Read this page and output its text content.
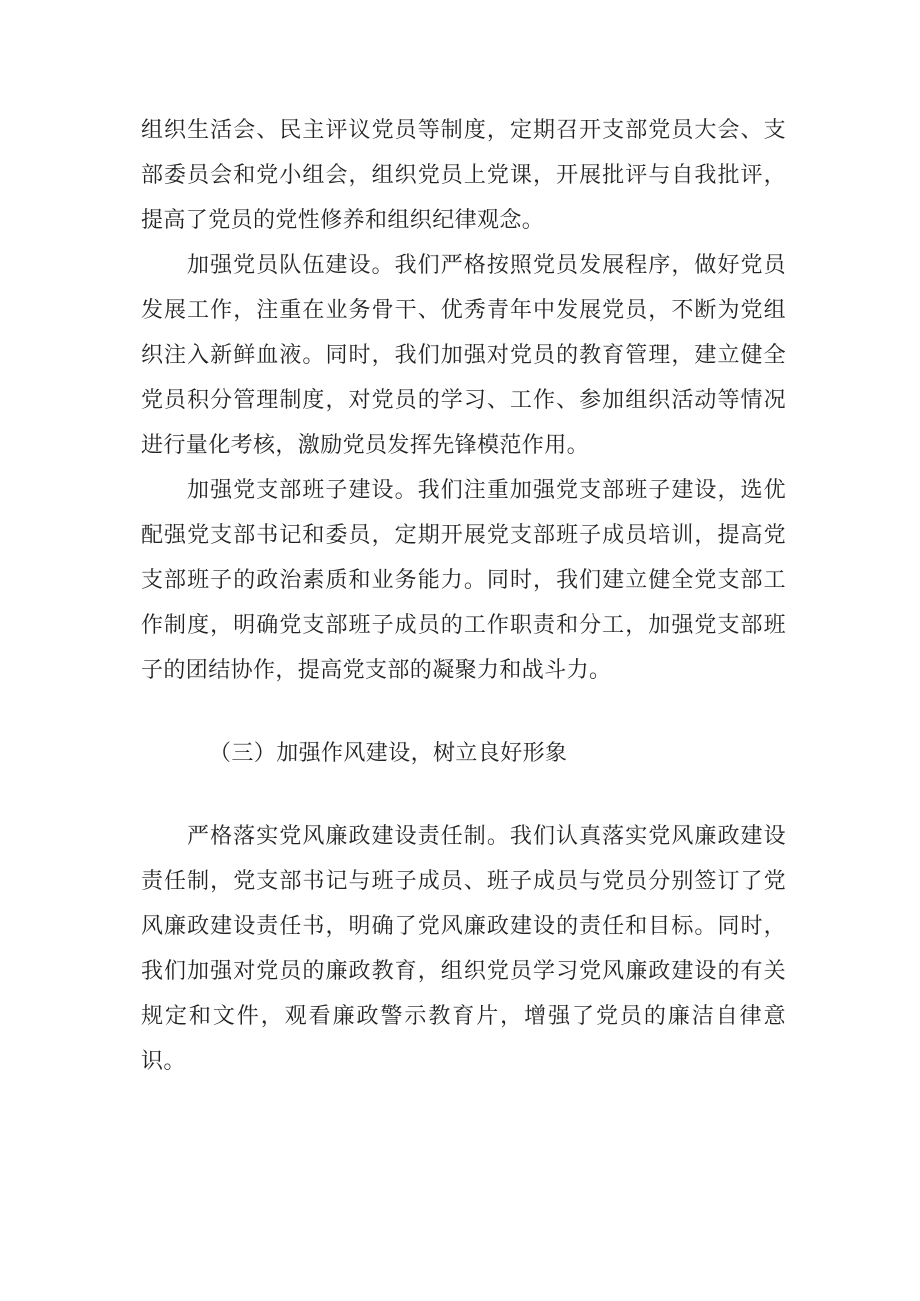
组织生活会、民主评议党员等制度，定期召开支部党员大会、支部委员会和党小组会，组织党员上党课，开展批评与自我批评，提高了党员的党性修养和组织纪律观念。

加强党员队伍建设。我们严格按照党员发展程序，做好党员发展工作，注重在业务骨干、优秀青年中发展党员，不断为党组织注入新鲜血液。同时，我们加强对党员的教育管理，建立健全党员积分管理制度，对党员的学习、工作、参加组织活动等情况进行量化考核，激励党员发挥先锋模范作用。

加强党支部班子建设。我们注重加强党支部班子建设，选优配强党支部书记和委员，定期开展党支部班子成员培训，提高党支部班子的政治素质和业务能力。同时，我们建立健全党支部工作制度，明确党支部班子成员的工作职责和分工，加强党支部班子的团结协作，提高党支部的凝聚力和战斗力。

（三）加强作风建设，树立良好形象

严格落实党风廉政建设责任制。我们认真落实党风廉政建设责任制，党支部书记与班子成员、班子成员与党员分别签订了党风廉政建设责任书，明确了党风廉政建设的责任和目标。同时，我们加强对党员的廉政教育，组织党员学习党风廉政建设的有关规定和文件，观看廉政警示教育片，增强了党员的廉洁自律意识。
